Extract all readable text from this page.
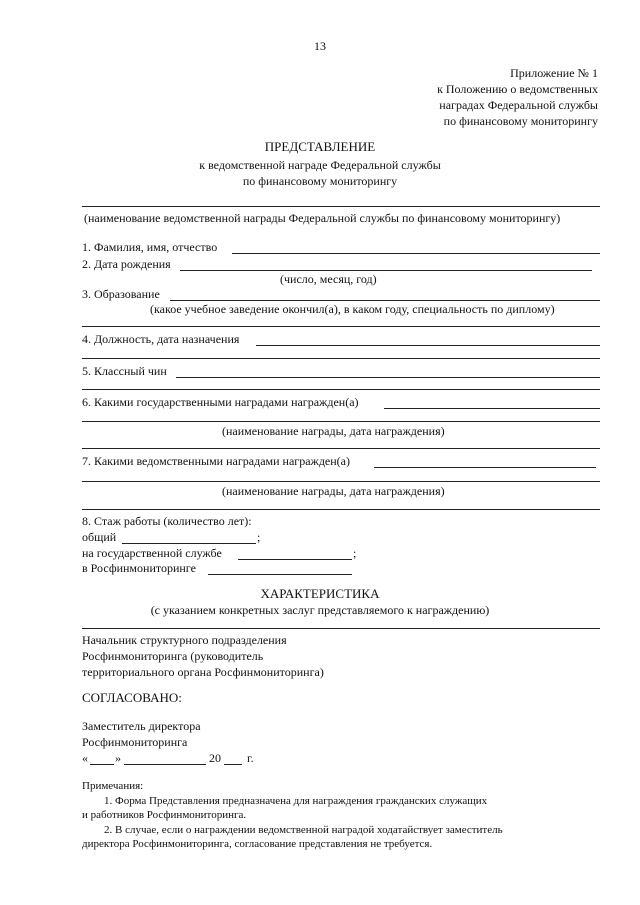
13
Приложение № 1
к Положению о ведомственных
наградах Федеральной службы
по финансовому мониторингу
ПРЕДСТАВЛЕНИЕ
к ведомственной награде Федеральной службы
по финансовому мониторингу
(наименование ведомственной награды Федеральной службы по финансовому мониторингу)
1. Фамилия, имя, отчество
2. Дата рождения
(число, месяц, год)
3. Образование
(какое учебное заведение окончил(а), в каком году, специальность по диплому)
4. Должность, дата назначения
5. Классный чин
6. Какими государственными наградами награжден(а)
(наименование награды, дата награждения)
7. Какими ведомственными наградами награжден(а)
(наименование награды, дата награждения)
8. Стаж работы (количество лет):
общий	;
на государственной службе	;
в Росфинмониторинге
ХАРАКТЕРИСТИКА
(с указанием конкретных заслуг представляемого к награждению)
Начальник структурного подразделения
Росфинмониторинга (руководитель
территориального органа Росфинмониторинга)
СОГЛАСОВАНО:
Заместитель директора
Росфинмониторинга
« »	20 г.
Примечания:
1. Форма Представления предназначена для награждения гражданских служащих
и работников Росфинмониторинга.
2. В случае, если о награждении ведомственной наградой ходатайствует заместитель
директора Росфинмониторинга, согласование представления не требуется.
